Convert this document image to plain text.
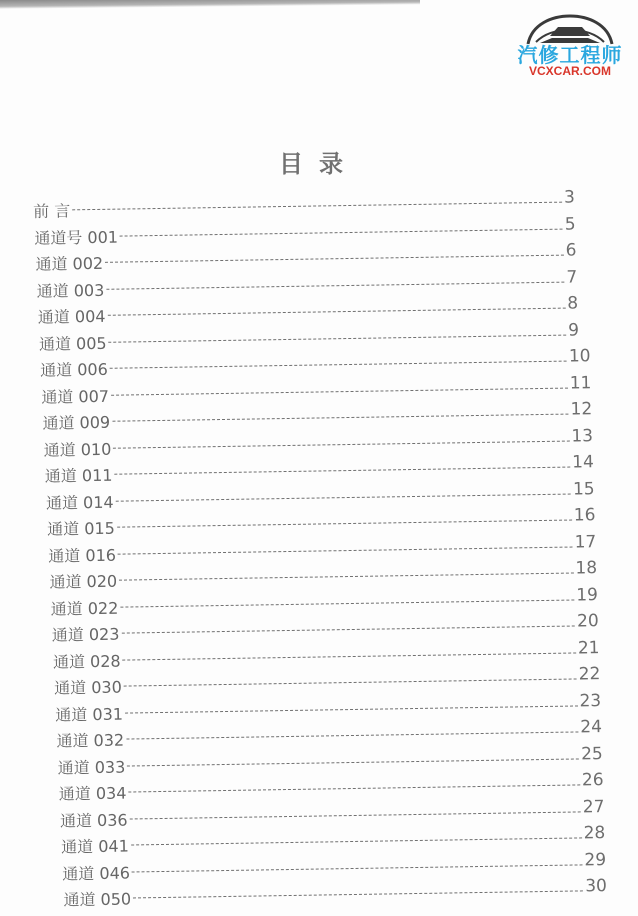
汽修工程师
VCXCAR.COM
目录
前 言
3
通道号 001
5
通道 002
6
通道 003
7
通道 004
8
通道 005
9
通道 006
10
通道 007
11
通道 009
12
通道 010
13
通道 011
14
通道 014
15
通道 015
16
通道 016
17
通道 020
18
通道 022
19
通道 023
20
通道 028
21
通道 030
22
通道 031
23
通道 032
24
通道 033
25
通道 034
26
通道 036
27
通道 041
28
通道 046
29
通道 050
30
